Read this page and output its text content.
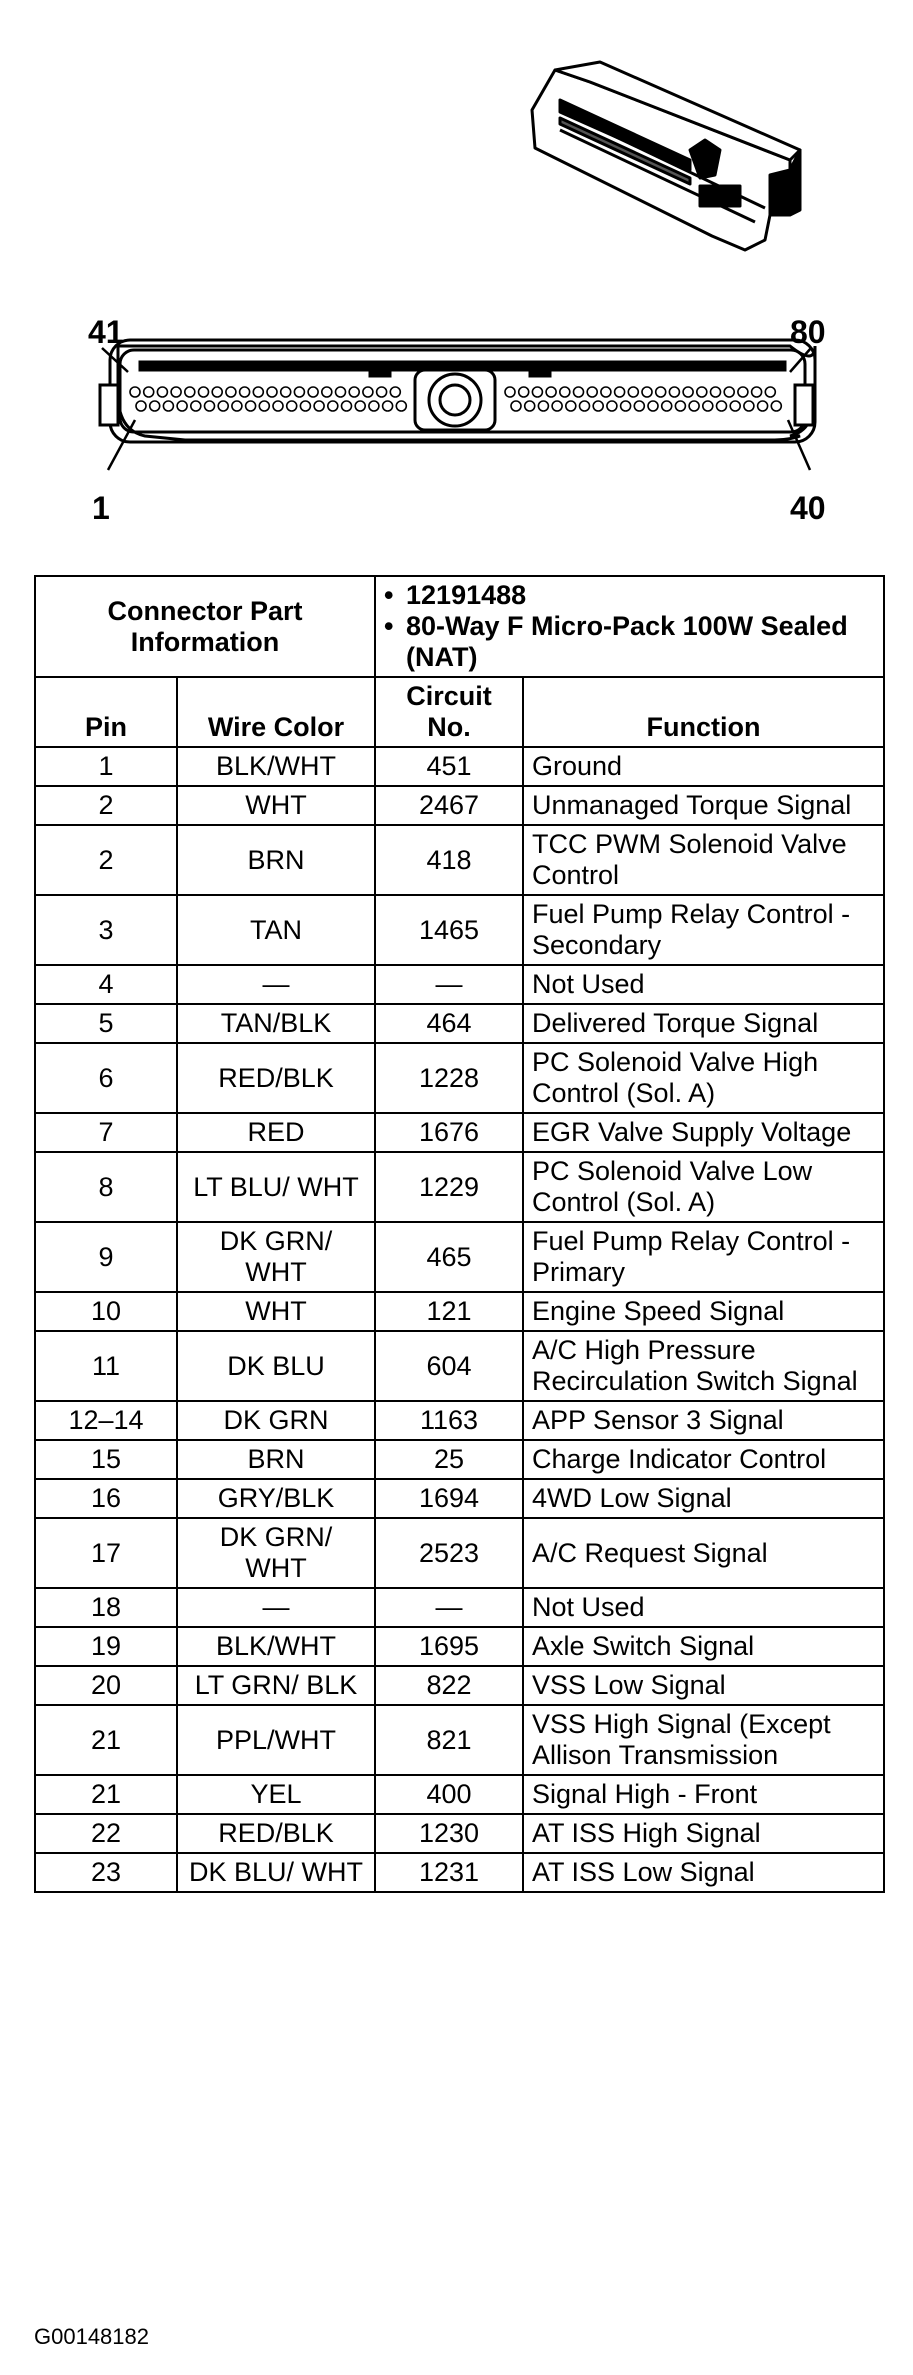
41	80
1	40
Connector Part Information		• 12191488
• 80-Way F Micro-Pack 100W Sealed (NAT)	

Pin	Wire Color	Circuit No.	Function
1	BLK/WHT	451	Ground
2	WHT	2467	Unmanaged Torque Signal
2	BRN	418	TCC PWM Solenoid Valve Control
3	TAN	1465	Fuel Pump Relay Control - Secondary
4	—	—	Not Used
5	TAN/BLK	464	Delivered Torque Signal
6	RED/BLK	1228	PC Solenoid Valve High Control (Sol. A)
7	RED	1676	EGR Valve Supply Voltage
8	LT BLU/ WHT	1229	PC Solenoid Valve Low Control (Sol. A)
9	DK GRN/ WHT	465	Fuel Pump Relay Control - Primary
10	WHT	121	Engine Speed Signal
11	DK BLU	604	A/C High Pressure Recirculation Switch Signal
12–14	DK GRN	1163	APP Sensor 3 Signal
15	BRN	25	Charge Indicator Control
16	GRY/BLK	1694	4WD Low Signal
17	DK GRN/ WHT	2523	A/C Request Signal
18	—	—	Not Used
19	BLK/WHT	1695	Axle Switch Signal
20	LT GRN/ BLK	822	VSS Low Signal
21	PPL/WHT	821	VSS High Signal (Except Allison Transmission
21	YEL	400	Signal High - Front
22	RED/BLK	1230	AT ISS High Signal
23	DK BLU/ WHT	1231	AT ISS Low Signal
G00148182
